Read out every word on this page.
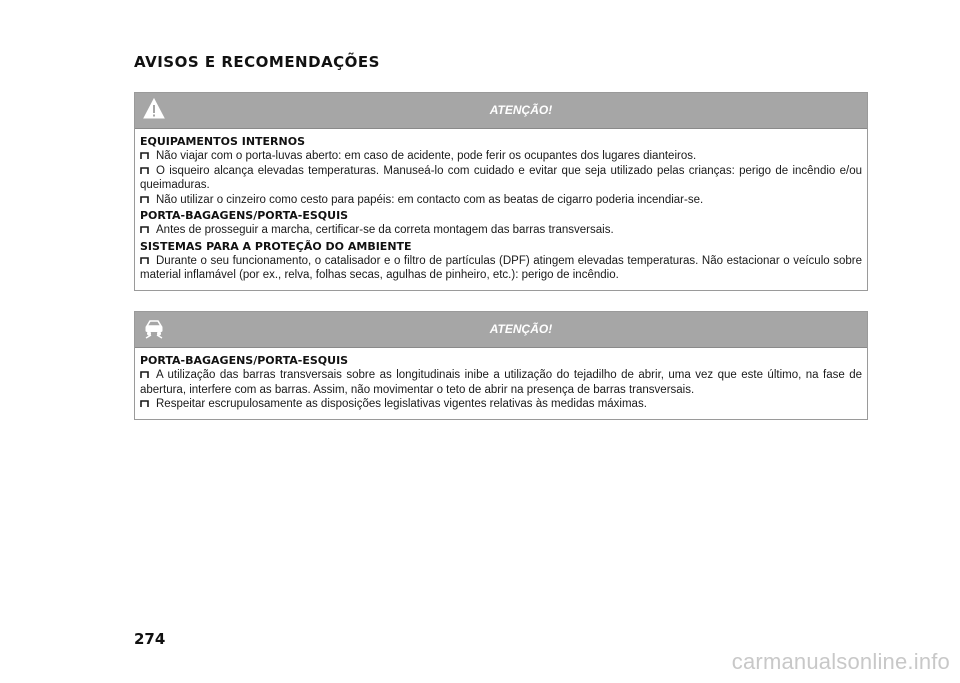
AVISOS E RECOMENDAÇÕES
ATENÇÃO!
EQUIPAMENTOS INTERNOS
Não viajar com o porta-luvas aberto: em caso de acidente, pode ferir os ocupantes dos lugares dianteiros.
O isqueiro alcança elevadas temperaturas. Manuseá-lo com cuidado e evitar que seja utilizado pelas crianças: perigo de incêndio e/ou queimaduras.
Não utilizar o cinzeiro como cesto para papéis: em contacto com as beatas de cigarro poderia incendiar-se.
PORTA-BAGAGENS/PORTA-ESQUIS
Antes de prosseguir a marcha, certificar-se da correta montagem das barras transversais.
SISTEMAS PARA A PROTEÇÃO DO AMBIENTE
Durante o seu funcionamento, o catalisador e o filtro de partículas (DPF) atingem elevadas temperaturas. Não estacionar o veículo sobre material inflamável (por ex., relva, folhas secas, agulhas de pinheiro, etc.): perigo de incêndio.
ATENÇÃO!
PORTA-BAGAGENS/PORTA-ESQUIS
A utilização das barras transversais sobre as longitudinais inibe a utilização do tejadilho de abrir, uma vez que este último, na fase de abertura, interfere com as barras. Assim, não movimentar o teto de abrir na presença de barras transversais.
Respeitar escrupulosamente as disposições legislativas vigentes relativas às medidas máximas.
274
carmanualsonline.info
